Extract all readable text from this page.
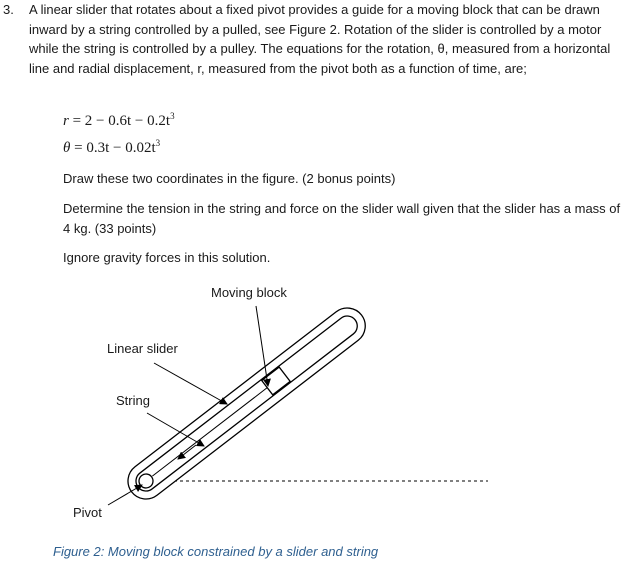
3. A linear slider that rotates about a fixed pivot provides a guide for a moving block that can be drawn inward by a string controlled by a pulled, see Figure 2. Rotation of the slider is controlled by a motor while the string is controlled by a pulley. The equations for the rotation, θ, measured from a horizontal line and radial displacement, r, measured from the pivot both as a function of time, are;

$r = 2 - 0.6t - 0.2t^3$
$\theta = 0.3t - 0.02t^3$

Draw these two coordinates in the figure. (2 bonus points)

Determine the tension in the string and force on the slider wall given that the slider has a mass of 4 kg. (33 points)

Ignore gravity forces in this solution.

Moving block
Linear slider
String
Pivot
Figure 2: Moving block constrained by a slider and string
